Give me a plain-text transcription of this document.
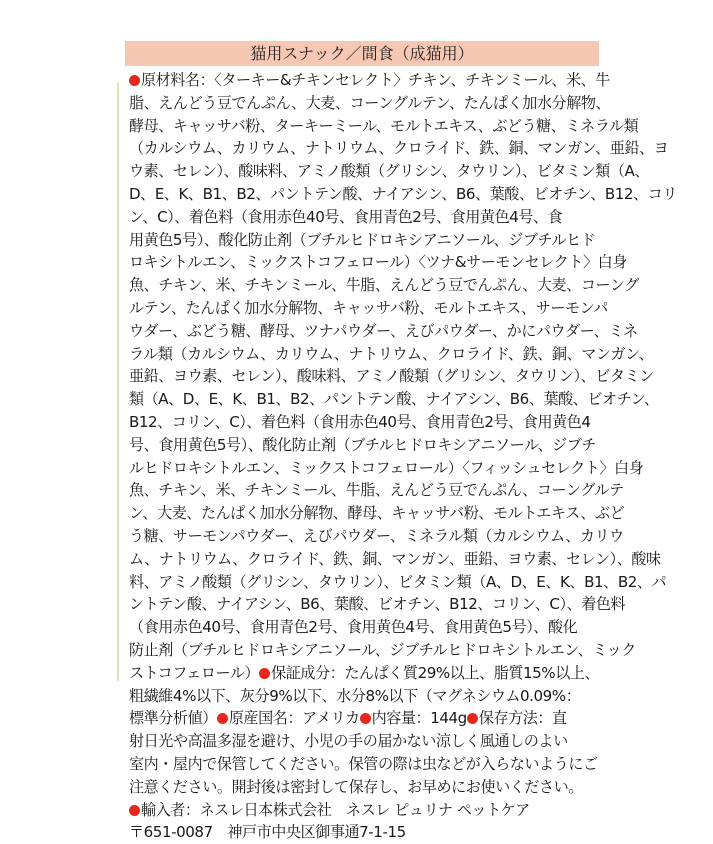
猫用スナック／間食（成猫用）
原材料名：〈ターキー&チキンセレクト〉チキン、チキンミール、米、牛
脂、えんどう豆でんぷん、大麦、コーングルテン、たんぱく加水分解物、
酵母、キャッサバ粉、ターキーミール、モルトエキス、ぶどう糖、ミネラル類
（カルシウム、カリウム、ナトリウム、クロライド、鉄、銅、マンガン、亜鉛、ヨ
ウ素、セレン）、酸味料、アミノ酸類（グリシン、タウリン）、ビタミン類（A、
D、E、K、B1、B2、パントテン酸、ナイアシン、B6、葉酸、ビオチン、B12、コリ
ン、C）、着色料（食用赤色40号、食用青色2号、食用黄色4号、食
用黄色5号）、酸化防止剤（ブチルヒドロキシアニソール、ジブチルヒド
ロキシトルエン、ミックストコフェロール）〈ツナ&サーモンセレクト〉白身
魚、チキン、米、チキンミール、牛脂、えんどう豆でんぷん、大麦、コーング
ルテン、たんぱく加水分解物、キャッサバ粉、モルトエキス、サーモンパ
ウダー、ぶどう糖、酵母、ツナパウダー、えびパウダー、かにパウダー、ミネ
ラル類（カルシウム、カリウム、ナトリウム、クロライド、鉄、銅、マンガン、
亜鉛、ヨウ素、セレン）、酸味料、アミノ酸類（グリシン、タウリン）、ビタミン
類（A、D、E、K、B1、B2、パントテン酸、ナイアシン、B6、葉酸、ビオチン、
B12、コリン、C）、着色料（食用赤色40号、食用青色2号、食用黄色4
号、食用黄色5号）、酸化防止剤（ブチルヒドロキシアニソール、ジブチ
ルヒドロキシトルエン、ミックストコフェロール）〈フィッシュセレクト〉白身
魚、チキン、米、チキンミール、牛脂、えんどう豆でんぷん、コーングルテ
ン、大麦、たんぱく加水分解物、酵母、キャッサバ粉、モルトエキス、ぶど
う糖、サーモンパウダー、えびパウダー、ミネラル類（カルシウム、カリウ
ム、ナトリウム、クロライド、鉄、銅、マンガン、亜鉛、ヨウ素、セレン）、酸味
料、アミノ酸類（グリシン、タウリン）、ビタミン類（A、D、E、K、B1、B2、パ
ントテン酸、ナイアシン、B6、葉酸、ビオチン、B12、コリン、C）、着色料
（食用赤色40号、食用青色2号、食用黄色4号、食用黄色5号）、酸化
防止剤（ブチルヒドロキシアニソール、ジブチルヒドロキシトルエン、ミック
ストコフェロール） 保証成分：たんぱく質29%以上、脂質15%以上、
粗繊維4%以下、灰分9%以下、水分8%以下（マグネシウム0.09%：
標準分析値） 原産国名：アメリカ 内容量：144g 保存方法：直
射日光や高温多湿を避け、小児の手の届かない涼しく風通しのよい
室内・屋内で保管してください。保管の際は虫などが入らないようにご
注意ください。開封後は密封して保存し、お早めにお使いください。
輸入者：ネスレ日本株式会社　ネスレ ピュリナ ペットケア
〒651-0087　神戸市中央区御事通7-1-15
